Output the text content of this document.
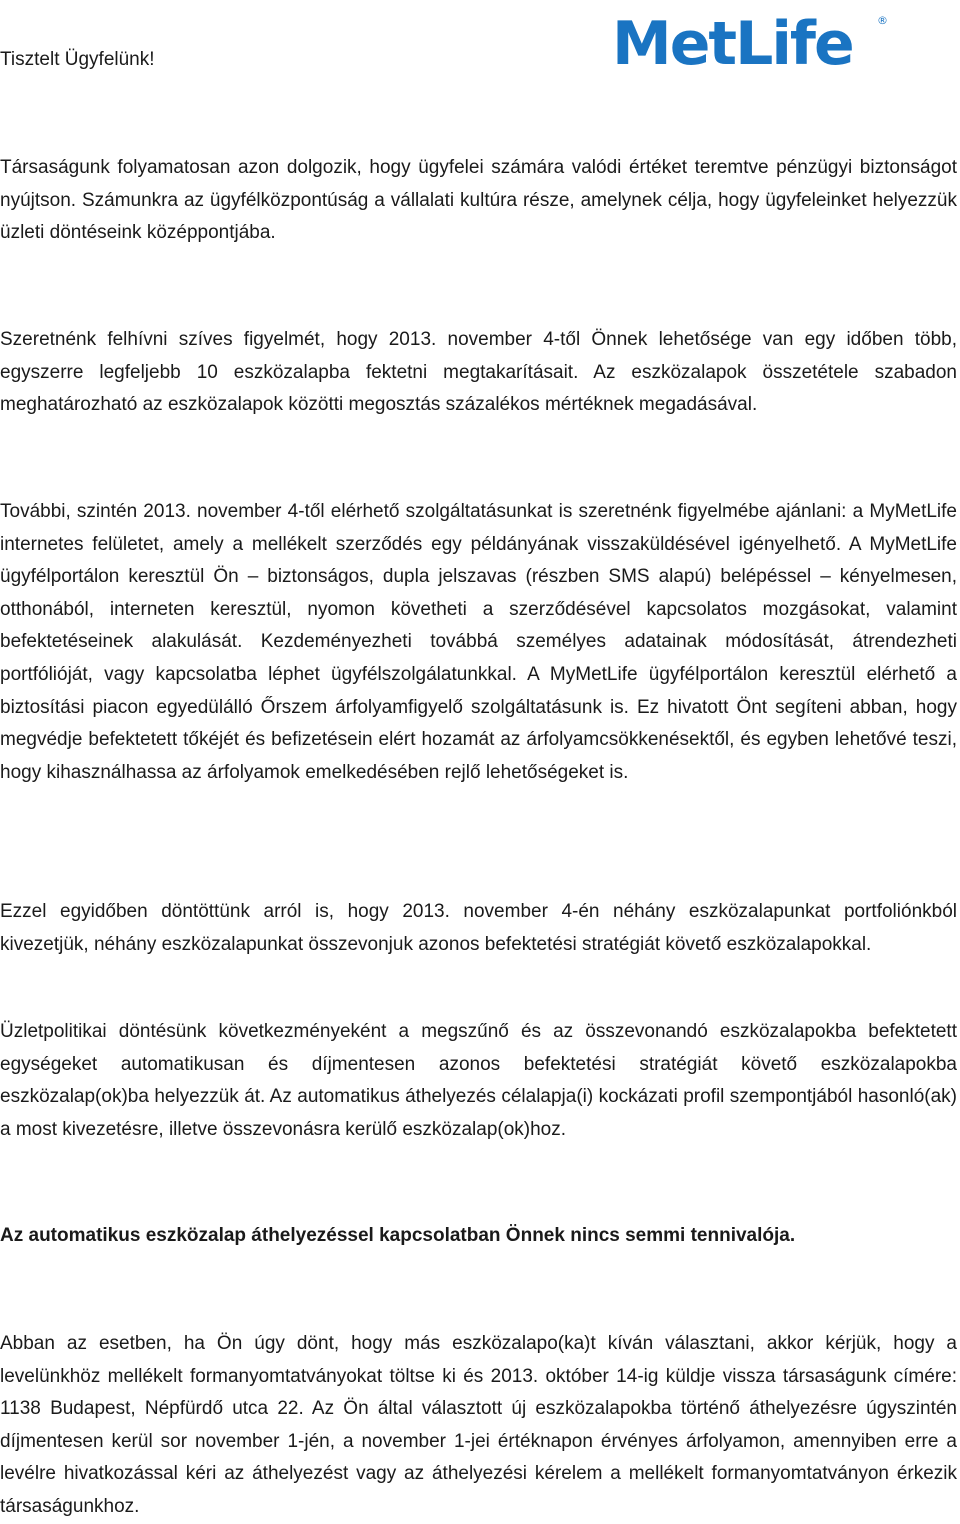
MetLife ®

Tisztelt Ügyfelünk!

Társaságunk folyamatosan azon dolgozik, hogy ügyfelei számára valódi értéket teremtve pénzügyi biztonságot nyújtson. Számunkra az ügyfélközpontúság a vállalati kultúra része, amelynek célja, hogy ügyfeleinket helyezzük üzleti döntéseink középpontjába.

Szeretnénk felhívni szíves figyelmét, hogy 2013. november 4-től Önnek lehetősége van egy időben több, egyszerre legfeljebb 10 eszközalapba fektetni megtakarításait. Az eszközalapok összetétele szabadon meghatározható az eszközalapok közötti megosztás százalékos mértéknek megadásával.

További, szintén 2013. november 4-től elérhető szolgáltatásunkat is szeretnénk figyelmébe ajánlani: a MyMetLife internetes felületet, amely a mellékelt szerződés egy példányának visszaküldésével igényelhető. A MyMetLife ügyfélportálon keresztül Ön – biztonságos, dupla jelszavas (részben SMS alapú) belépéssel – kényelmesen, otthonából, interneten keresztül, nyomon követheti a szerződésével kapcsolatos mozgásokat, valamint befektetéseinek alakulását. Kezdeményezheti továbbá személyes adatainak módosítását, átrendezheti portfólióját, vagy kapcsolatba léphet ügyfélszolgálatunkkal. A MyMetLife ügyfélportálon keresztül elérhető a biztosítási piacon egyedülálló Őrszem árfolyamfigyelő szolgáltatásunk is. Ez hivatott Önt segíteni abban, hogy megvédje befektetett tőkéjét és befizetésein elért hozamát az árfolyamcsökkenésektől, és egyben lehetővé teszi, hogy kihasználhassa az árfolyamok emelkedésében rejlő lehetőségeket is.

Ezzel egyidőben döntöttünk arról is, hogy 2013. november 4-én néhány eszközalapunkat portfoliónkból kivezetjük, néhány eszközalapunkat összevonjuk azonos befektetési stratégiát követő eszközalapokkal.

Üzletpolitikai döntésünk következményeként a megszűnő és az összevonandó eszközalapokba befektetett egységeket automatikusan és díjmentesen azonos befektetési stratégiát követő eszközalapokba eszközalap(ok)ba helyezzük át. Az automatikus áthelyezés célalapja(i) kockázati profil szempontjából hasonló(ak) a most kivezetésre, illetve összevonásra kerülő eszközalap(ok)hoz.

Az automatikus eszközalap áthelyezéssel kapcsolatban Önnek nincs semmi tennivalója.

Abban az esetben, ha Ön úgy dönt, hogy más eszközalapo(ka)t kíván választani, akkor kérjük, hogy a levelünkhöz mellékelt formanyomtatványokat töltse ki és 2013. október 14-ig küldje vissza társaságunk címére: 1138 Budapest, Népfürdő utca 22. Az Ön által választott új eszközalapokba történő áthelyezésre úgyszintén díjmentesen kerül sor november 1-jén, a november 1-jei értéknapon érvényes árfolyamon, amennyiben erre a levélre hivatkozással kéri az áthelyezést vagy az áthelyezési kérelem a mellékelt formanyomtatványon érkezik társaságunkhoz.
